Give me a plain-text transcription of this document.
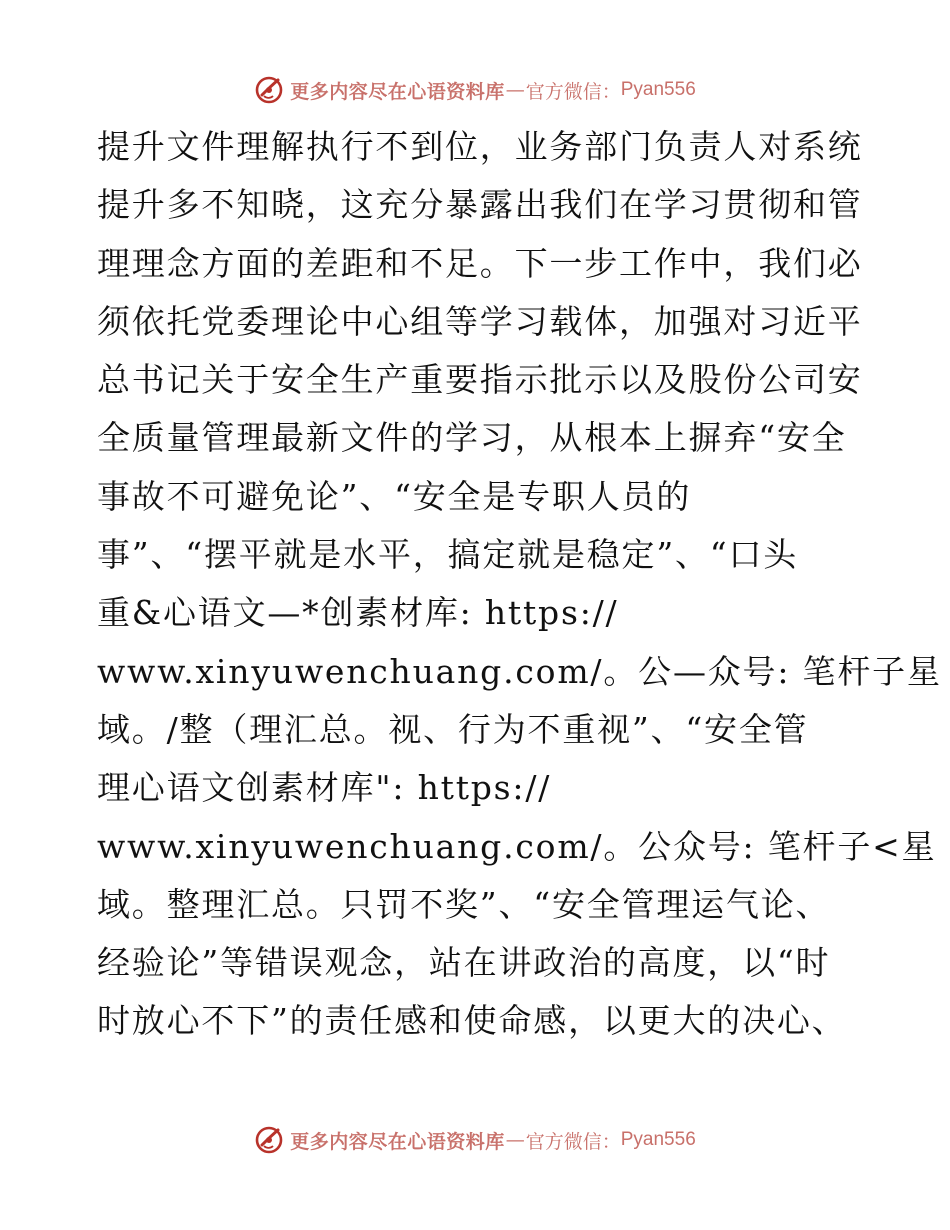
更多内容尽在心语资料库 — 官方微信： Pyan556
提升文件理解执行不到位，业务部门负责人对系统
提升多不知晓，这充分暴露出我们在学习贯彻和管
理理念方面的差距和不足。下一步工作中，我们必
须依托党委理论中心组等学习载体，加强对习近平
总书记关于安全生产重要指示批示以及股份公司安
全质量管理最新文件的学习，从根本上摒弃“安全
事故不可避免论”、“安全是专职人员的
事”、“摆平就是水平，搞定就是稳定”、“口头
重&心语文—*创素材库: https://
www.xinyuwenchuang.com/。公—众号: 笔杆子星
域。/整（理汇总。视、行为不重视”、“安全管
理心语文创素材库": https://
www.xinyuwenchuang.com/。公众号: 笔杆子<星
域。整理汇总。只罚不奖”、“安全管理运气论、
经验论”等错误观念，站在讲政治的高度，以“时
时放心不下”的责任感和使命感，以更大的决心、
更多内容尽在心语资料库 — 官方微信： Pyan556
